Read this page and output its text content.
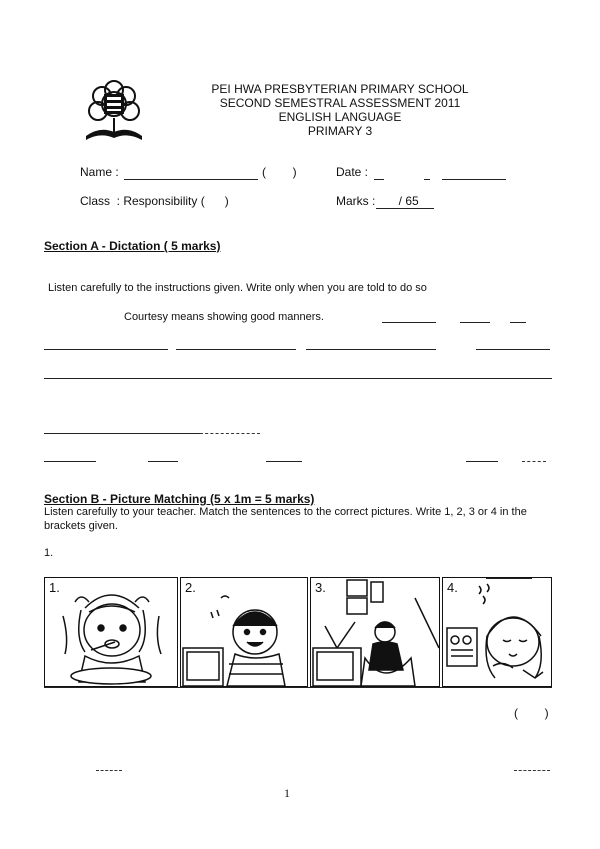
PEI HWA PRESBYTERIAN PRIMARY SCHOOL
SECOND SEMESTRAL ASSESSMENT 2011
ENGLISH LANGUAGE
PRIMARY 3
Name :	(        )	Date :
Class  : Responsibility (      )	Marks :       / 65
Section A - Dictation ( 5 marks)
Listen carefully to the instructions given. Write only when you are told to do so
Courtesy means showing good manners.
Section B - Picture Matching (5 x 1m = 5 marks)
Listen carefully to your teacher. Match the sentences to the correct pictures. Write 1, 2, 3 or 4 in the brackets given.
1.
1.	2.	3.	4.
(        )
1
